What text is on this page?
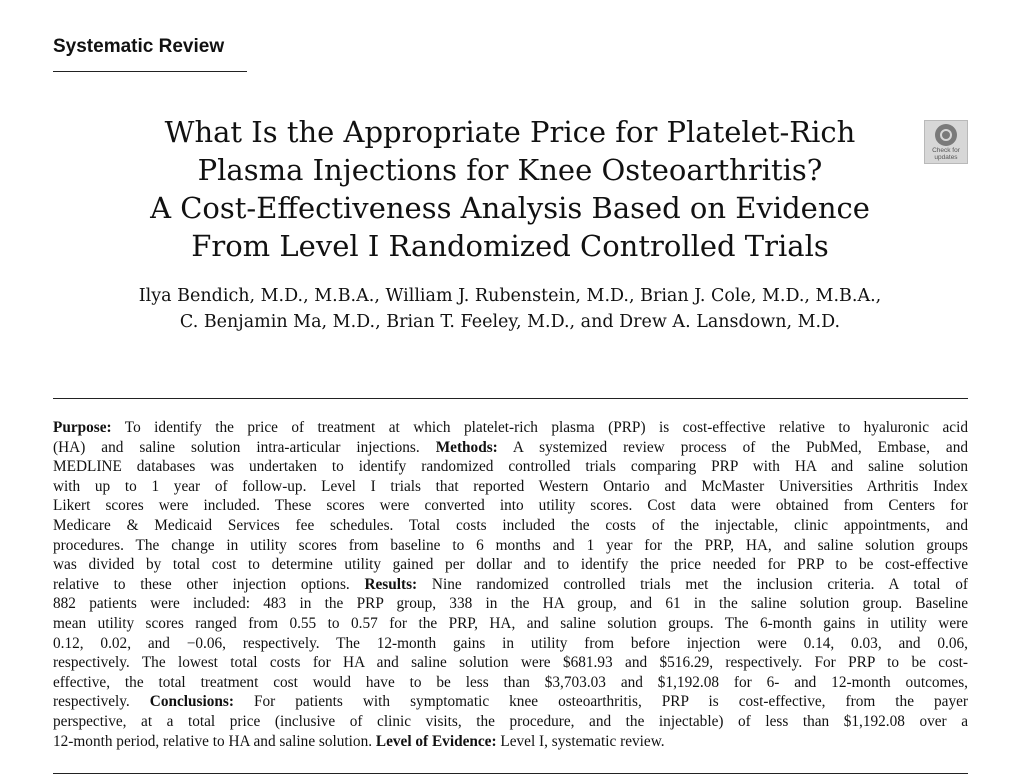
Systematic Review
What Is the Appropriate Price for Platelet-Rich
Plasma Injections for Knee Osteoarthritis?
A Cost-Effectiveness Analysis Based on Evidence
From Level I Randomized Controlled Trials
Check for
updates

Ilya Bendich, M.D., M.B.A., William J. Rubenstein, M.D., Brian J. Cole, M.D., M.B.A.,
C. Benjamin Ma, M.D., Brian T. Feeley, M.D., and Drew A. Lansdown, M.D.

Purpose: To identify the price of treatment at which platelet-rich plasma (PRP) is cost-effective relative to hyaluronic acid
(HA) and saline solution intra-articular injections. Methods: A systemized review process of the PubMed, Embase, and
MEDLINE databases was undertaken to identify randomized controlled trials comparing PRP with HA and saline solution
with up to 1 year of follow-up. Level I trials that reported Western Ontario and McMaster Universities Arthritis Index
Likert scores were included. These scores were converted into utility scores. Cost data were obtained from Centers for
Medicare & Medicaid Services fee schedules. Total costs included the costs of the injectable, clinic appointments, and
procedures. The change in utility scores from baseline to 6 months and 1 year for the PRP, HA, and saline solution groups
was divided by total cost to determine utility gained per dollar and to identify the price needed for PRP to be cost-effective
relative to these other injection options. Results: Nine randomized controlled trials met the inclusion criteria. A total of
882 patients were included: 483 in the PRP group, 338 in the HA group, and 61 in the saline solution group. Baseline
mean utility scores ranged from 0.55 to 0.57 for the PRP, HA, and saline solution groups. The 6-month gains in utility were
0.12, 0.02, and −0.06, respectively. The 12-month gains in utility from before injection were 0.14, 0.03, and 0.06,
respectively. The lowest total costs for HA and saline solution were $681.93 and $516.29, respectively. For PRP to be cost-
effective, the total treatment cost would have to be less than $3,703.03 and $1,192.08 for 6- and 12-month outcomes,
respectively. Conclusions: For patients with symptomatic knee osteoarthritis, PRP is cost-effective, from the payer
perspective, at a total price (inclusive of clinic visits, the procedure, and the injectable) of less than $1,192.08 over a
12-month period, relative to HA and saline solution. Level of Evidence: Level I, systematic review.
